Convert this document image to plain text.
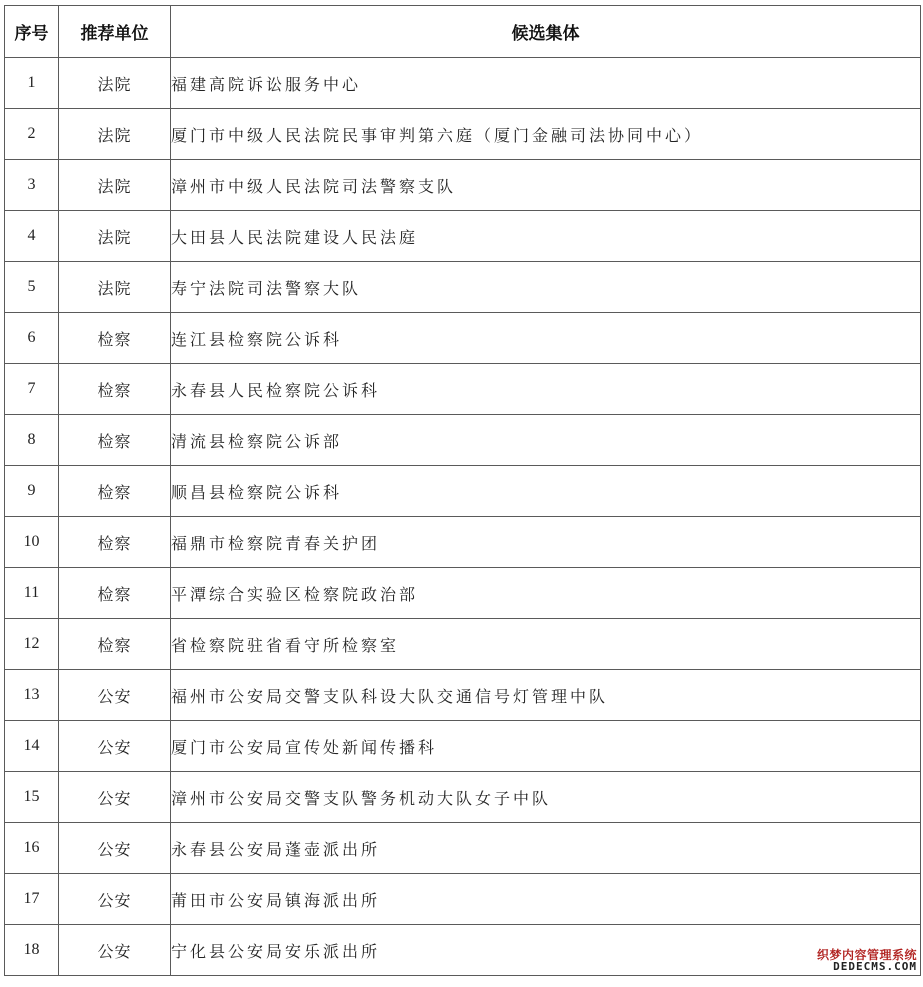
序号	推荐单位	候选集体
1	法院	福建高院诉讼服务中心
2	法院	厦门市中级人民法院民事审判第六庭（厦门金融司法协同中心）
3	法院	漳州市中级人民法院司法警察支队
4	法院	大田县人民法院建设人民法庭
5	法院	寿宁法院司法警察大队
6	检察	连江县检察院公诉科
7	检察	永春县人民检察院公诉科
8	检察	清流县检察院公诉部
9	检察	顺昌县检察院公诉科
10	检察	福鼎市检察院青春关护团
11	检察	平潭综合实验区检察院政治部
12	检察	省检察院驻省看守所检察室
13	公安	福州市公安局交警支队科设大队交通信号灯管理中队
14	公安	厦门市公安局宣传处新闻传播科
15	公安	漳州市公安局交警支队警务机动大队女子中队
16	公安	永春县公安局蓬壶派出所
17	公安	莆田市公安局镇海派出所
18	公安	宁化县公安局安乐派出所	织梦内容管理系统
DEDECMS.COM
